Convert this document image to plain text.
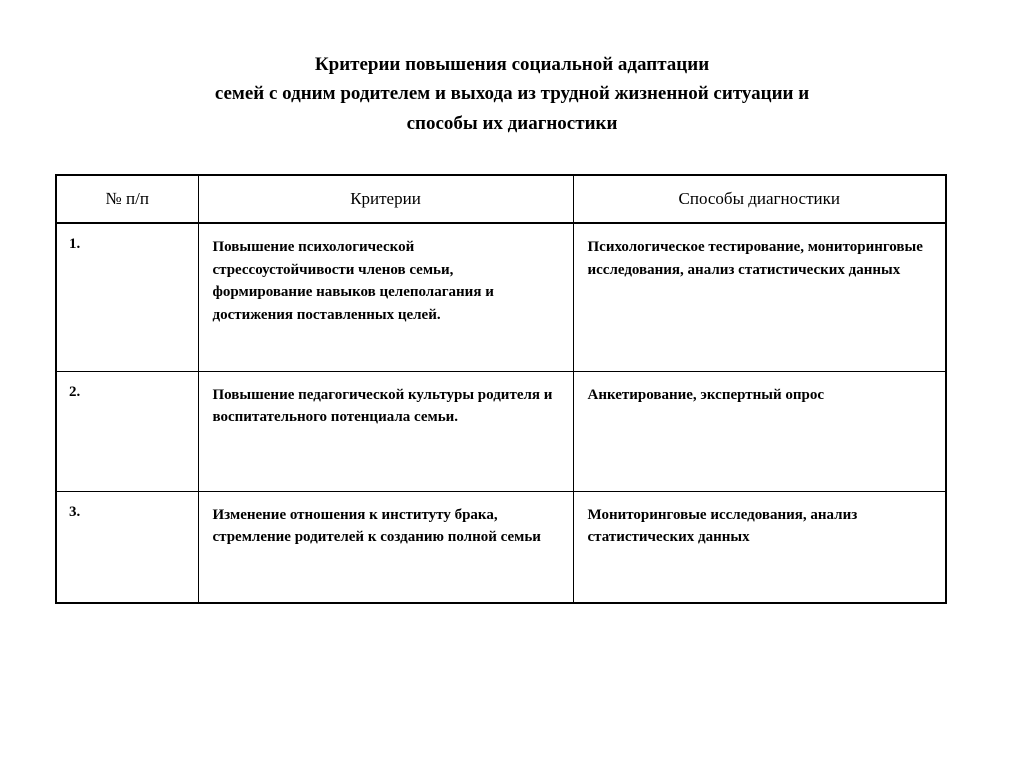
Критерии повышения социальной адаптации
семей с одним родителем и выхода из трудной жизненной ситуации и
способы их диагностики
№ п/п	Критерии	Способы диагностики
1.	Повышение психологической стрессоустойчивости членов семьи, формирование навыков целеполагания и достижения поставленных целей.	Психологическое тестирование, мониторинговые исследования, анализ статистических данных
2.	Повышение педагогической культуры родителя и воспитательного потенциала семьи.	Анкетирование, экспертный опрос
3.	Изменение отношения к институту брака, стремление родителей к созданию полной семьи	Мониторинговые исследования, анализ статистических данных
